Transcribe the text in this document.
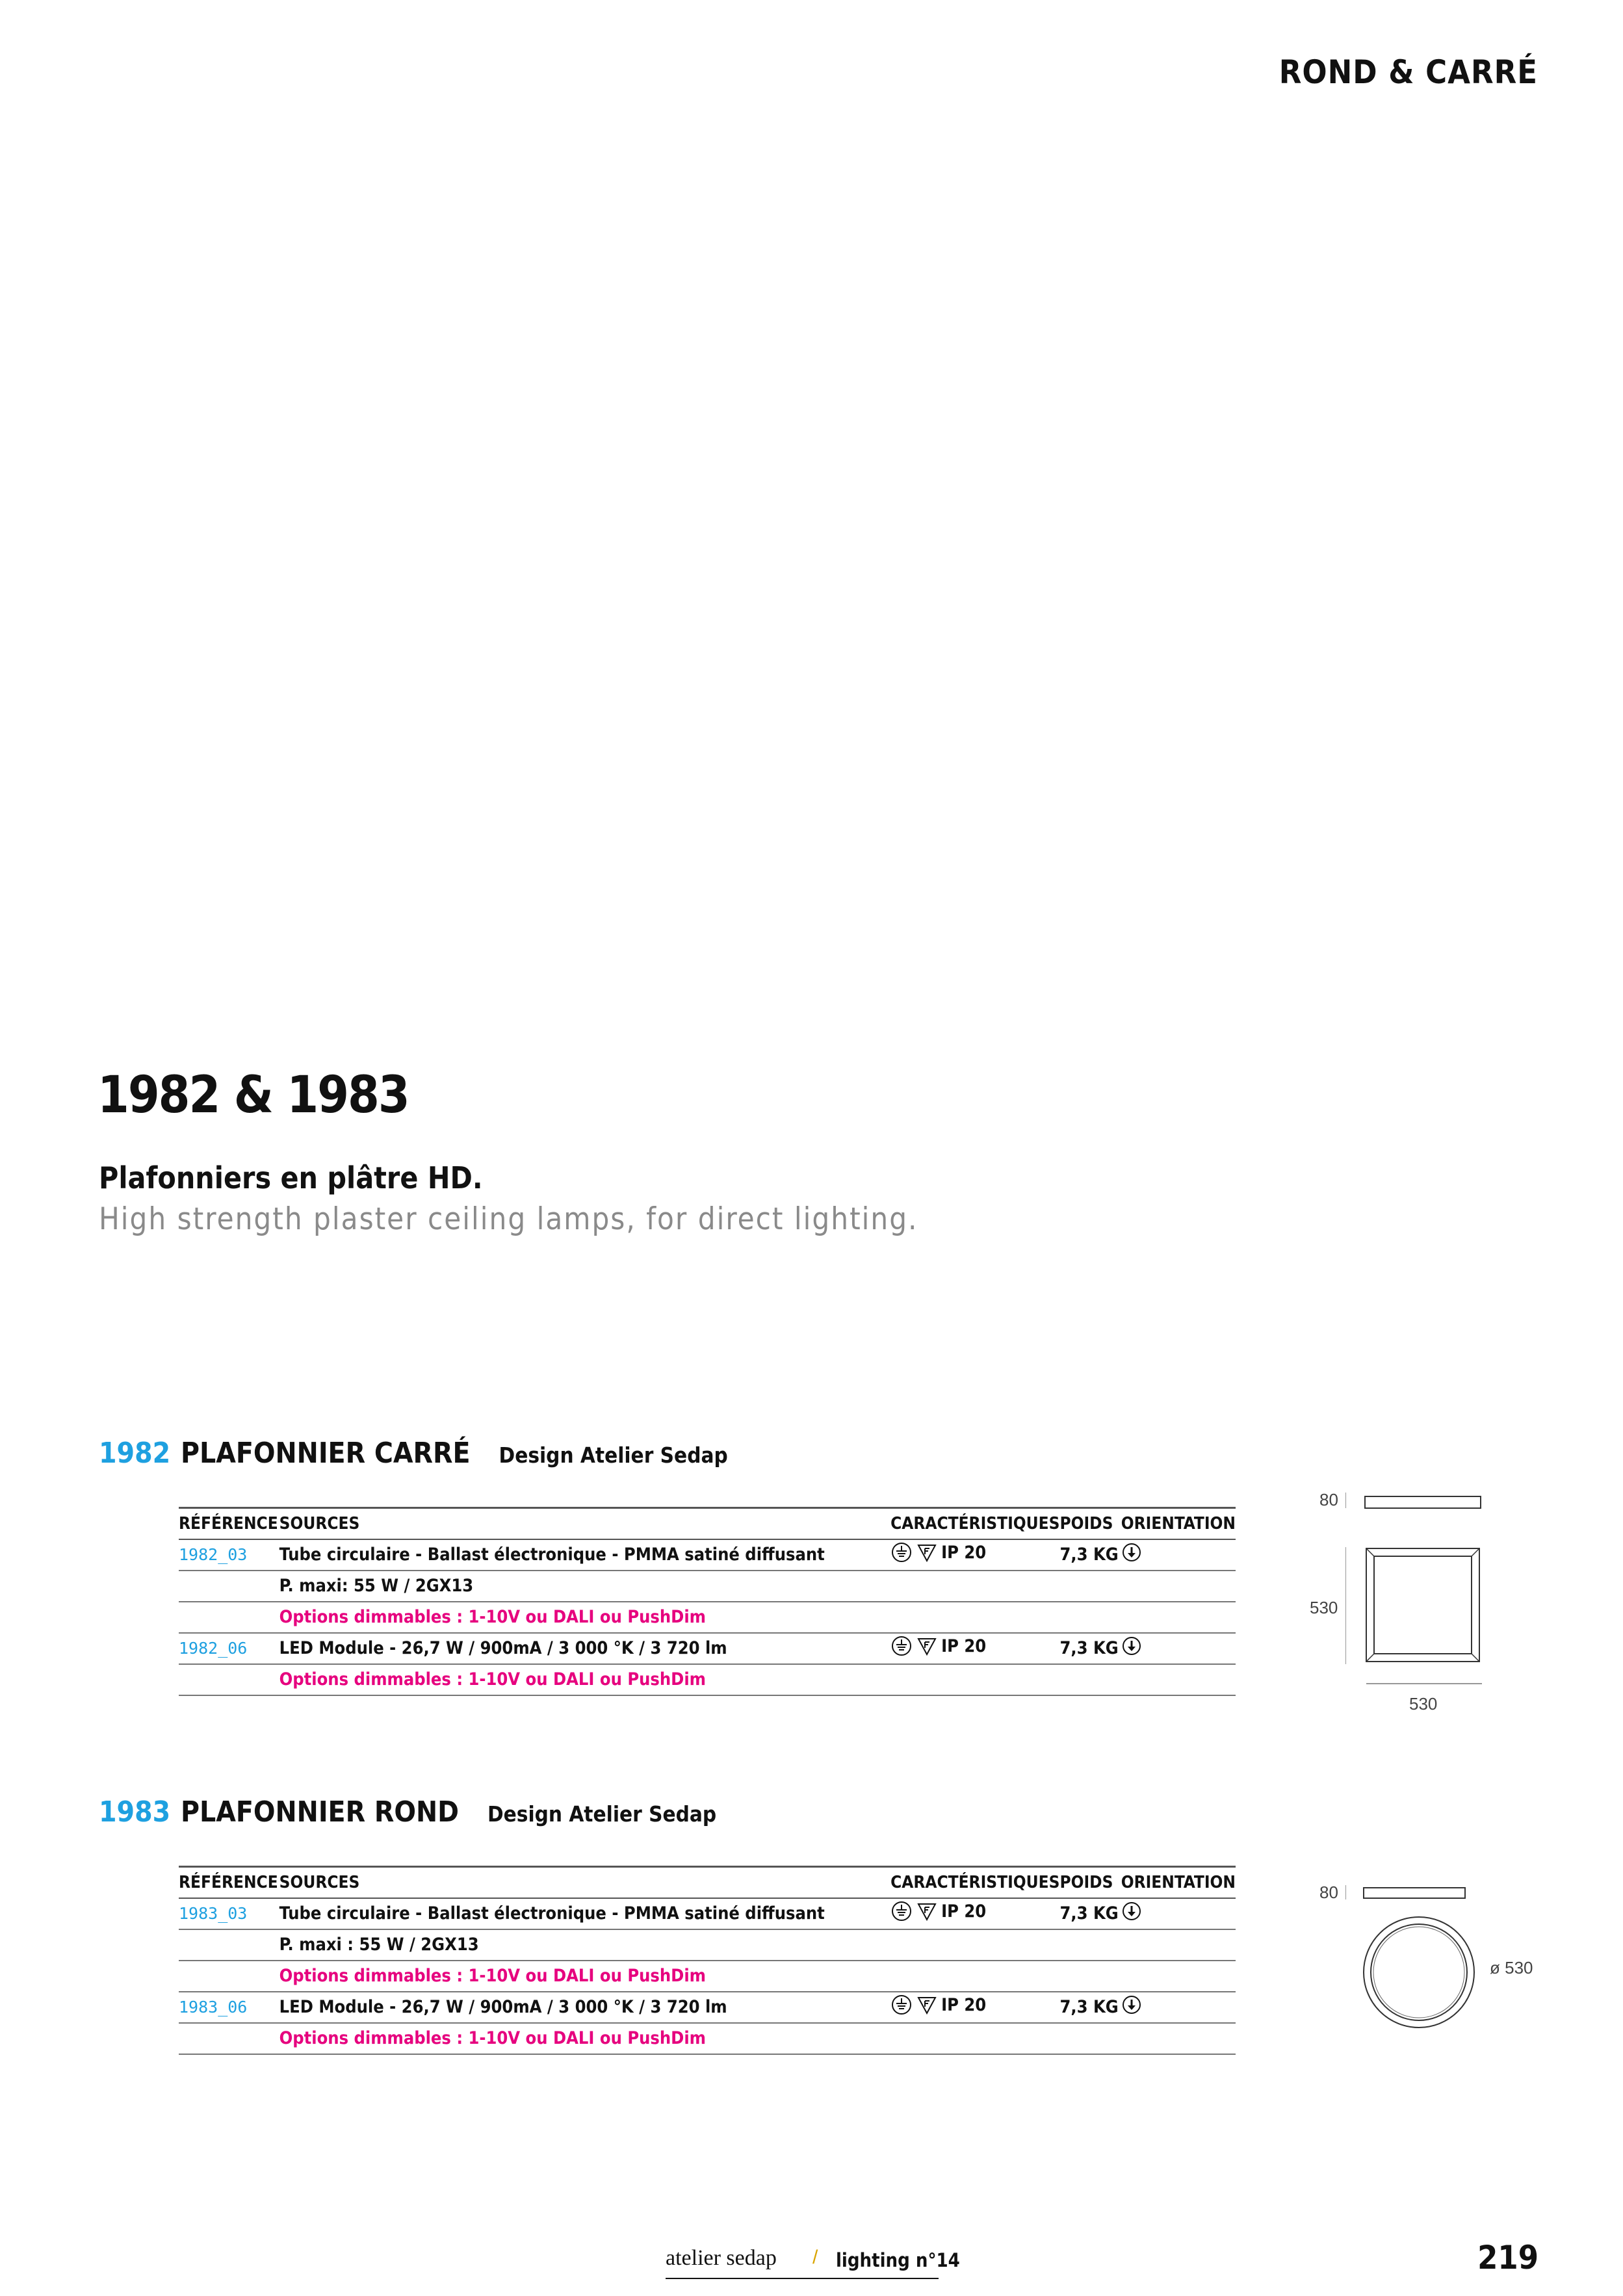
ROND & CARRÉ
1982 & 1983
Plafonniers en plâtre HD.
High strength plaster ceiling lamps, for direct lighting.
1982 PLAFONNIER CARRÉ Design Atelier Sedap
RÉFÉRENCE	SOURCES	CARACTÉRISTIQUES	POIDS	ORIENTATION
1982_03	Tube circulaire - Ballast électronique - PMMA satiné diffusant	IP 20	7,3 KG	
	P. maxi: 55 W / 2GX13			
	Options dimmables : 1-10V ou DALI ou PushDim			
1982_06	LED Module - 26,7 W / 900mA / 3 000 °K / 3 720 lm	IP 20	7,3 KG	
	Options dimmables : 1-10V ou DALI ou PushDim			
80
530
530
1983 PLAFONNIER ROND Design Atelier Sedap
RÉFÉRENCE	SOURCES	CARACTÉRISTIQUES	POIDS	ORIENTATION
1983_03	Tube circulaire - Ballast électronique - PMMA satiné diffusant	IP 20	7,3 KG	
	P. maxi : 55 W / 2GX13			
	Options dimmables : 1-10V ou DALI ou PushDim			
1983_06	LED Module - 26,7 W / 900mA / 3 000 °K / 3 720 lm	IP 20	7,3 KG	
	Options dimmables : 1-10V ou DALI ou PushDim			
80
ø 530
atelier sedap / lighting n°14	219
